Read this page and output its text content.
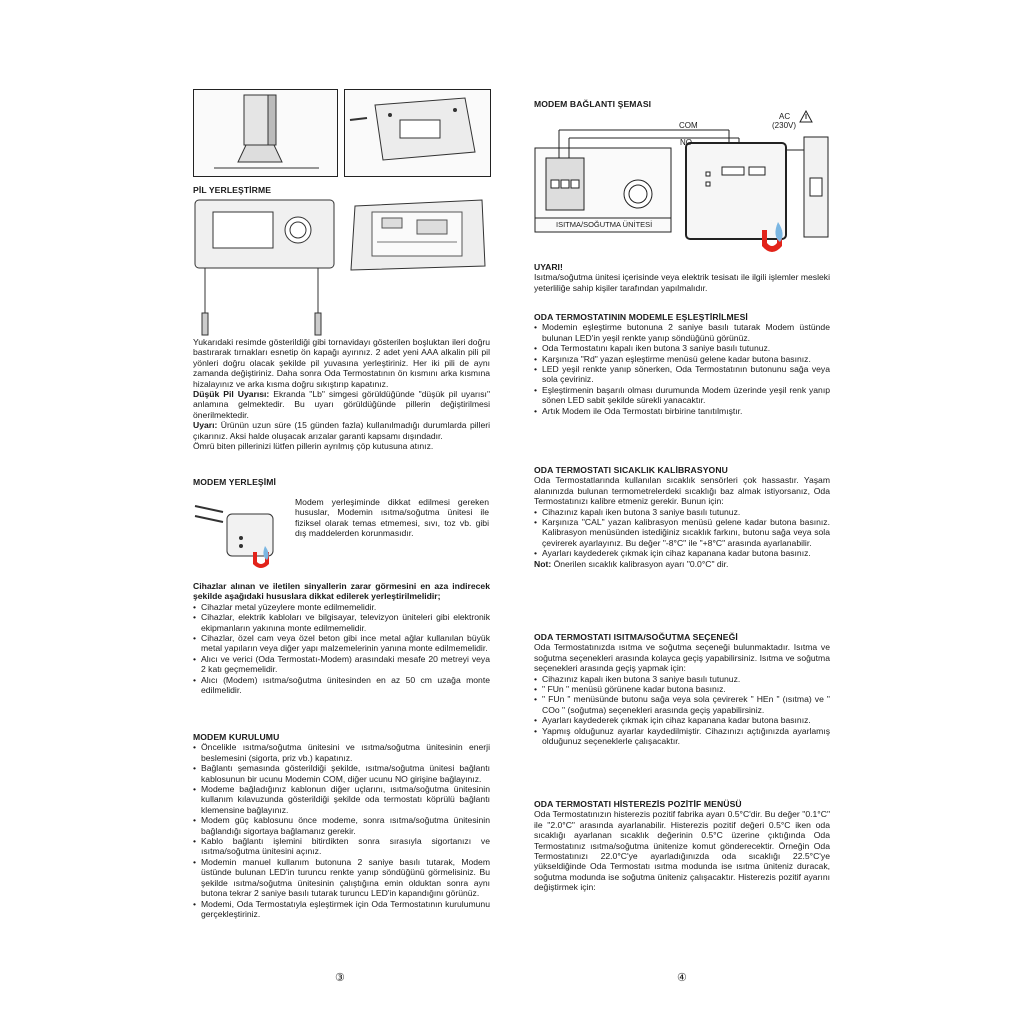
PİL YERLEŞTİRME

Yukarıdaki resimde gösterildiği gibi tornavidayı gösterilen boşluktan ileri doğru bastırarak tırnakları esnetip ön kapağı ayırınız. 2 adet yeni AAA alkalin pili pil yönleri doğru olacak şekilde pil yuvasına yerleştiriniz. Her iki pili de aynı zamanda değiştiriniz. Daha sonra Oda Termostatının ön kısmını arka kısmına hizalayınız ve arka kısma doğru sıkıştırıp kapatınız.

Düşük Pil Uyarısı: Ekranda "Lb" simgesi görüldüğünde "düşük pil uyarısı" anlamına gelmektedir. Bu uyarı görüldüğünde pillerin değiştirilmesi önerilmektedir.

Uyarı: Ürünün uzun süre (15 günden fazla) kullanılmadığı durumlarda pilleri çıkarınız. Aksi halde oluşacak arızalar garanti kapsamı dışındadır.

Ömrü biten pillerinizi lütfen pillerin ayrılmış çöp kutusuna atınız.

MODEM YERLEŞİMİ

Modem yerleşiminde dikkat edilmesi gereken hususlar, Modemin ısıtma/soğutma ünitesi ile fiziksel olarak temas etmemesi, sıvı, toz vb. gibi dış maddelerden korunmasıdır.

Cihazlar alınan ve iletilen sinyallerin zarar görmesini en aza indirecek şekilde aşağıdaki hususlara dikkat edilerek yerleştirilmelidir;

• Cihazlar metal yüzeylere monte edilmemelidir.
• Cihazlar, elektrik kabloları ve bilgisayar, televizyon üniteleri gibi elektronik ekipmanların yakınına monte edilmemelidir.
• Cihazlar, özel cam veya özel beton gibi ince metal ağlar kullanılan büyük metal yapıların veya diğer yapı malzemelerinin yanına monte edilmemelidir.
• Alıcı ve verici (Oda Termostatı-Modem) arasındaki mesafe 20 metreyi veya 2 katı geçmemelidir.
• Alıcı (Modem) ısıtma/soğutma ünitesinden en az 50 cm uzağa monte edilmelidir.
MODEM KURULUMU
• Öncelikle ısıtma/soğutma ünitesini ve ısıtma/soğutma ünitesinin enerji beslemesini (sigorta, priz vb.) kapatınız.
• Bağlantı şemasında gösterildiği şekilde, ısıtma/soğutma ünitesi bağlantı kablosunun bir ucunu Modemin COM, diğer ucunu NO girişine bağlayınız.
• Modeme bağladığınız kablonun diğer uçlarını, ısıtma/soğutma ünitesinin kullanım kılavuzunda gösterildiği şekilde oda termostatı köprülü bağlantı klemensine bağlayınız.
• Modem güç kablosunu önce modeme, sonra ısıtma/soğutma ünitesinin bağlandığı sigortaya bağlamanız gerekir.
• Kablo bağlantı işlemini bitirdikten sonra sırasıyla sigortanızı ve ısıtma/soğutma ünitesini açınız.
• Modemin manuel kullanım butonuna 2 saniye basılı tutarak, Modem üstünde bulunan LED'in turuncu renkte yanıp söndüğünü görmelisiniz. Bu şekilde ısıtma/soğutma ünitesinin çalıştığına emin olduktan sonra aynı butona tekrar 2 saniye basılı tutarak turuncu LED'in kapandığını görünüz.
• Modemi, Oda Termostatıyla eşleştirmek için Oda Termostatının kurulumunu gerçekleştiriniz.
③
MODEM BAĞLANTI ŞEMASI
COM
NO
AC
(230V)
ISITMA/SOĞUTMA ÜNİTESİ

UYARI!

Isıtma/soğutma ünitesi içerisinde veya elektrik tesisatı ile ilgili işlemler mesleki yeterliliğe sahip kişiler tarafından yapılmalıdır.

ODA TERMOSTATININ MODEMLE EŞLEŞTİRİLMESİ
• Modemin eşleştirme butonuna 2 saniye basılı tutarak Modem üstünde bulunan LED'in yeşil renkte yanıp söndüğünü görünüz.
• Oda Termostatını kapalı iken butona 3 saniye basılı tutunuz.
• Karşınıza "Rd" yazan eşleştirme menüsü gelene kadar butona basınız.
• LED yeşil renkte yanıp sönerken, Oda Termostatının butonunu sağa veya sola çeviriniz.
• Eşleştirmenin başarılı olması durumunda Modem üzerinde yeşil renk yanıp sönen LED sabit şekilde sürekli yanacaktır.
• Artık Modem ile Oda Termostatı birbirine tanıtılmıştır.
ODA TERMOSTATI SICAKLIK KALİBRASYONU

Oda Termostatlarında kullanılan sıcaklık sensörleri çok hassastır. Yaşam alanınızda bulunan termometrelerdeki sıcaklığı baz almak istiyorsanız, Oda Termostatınızı kalibre etmeniz gerekir. Bunun için:

• Cihazınız kapalı iken butona 3 saniye basılı tutunuz.
• Karşınıza "CAL" yazan kalibrasyon menüsü gelene kadar butona basınız. Kalibrasyon menüsünden istediğiniz sıcaklık farkını, butonu sağa veya sola çevirerek ayarlayınız. Bu değer "-8°C" ile "+8°C" arasında ayarlanabilir.
• Ayarları kaydederek çıkmak için cihaz kapanana kadar butona basınız.

Not: Önerilen sıcaklık kalibrasyon ayarı "0.0°C" dir.

ODA TERMOSTATI ISITMA/SOĞUTMA SEÇENEĞİ

Oda Termostatınızda ısıtma ve soğutma seçeneği bulunmaktadır. Isıtma ve soğutma seçenekleri arasında kolayca geçiş yapabilirsiniz. Isıtma ve soğutma seçenekleri arasında geçiş yapmak için:

• Cihazınız kapalı iken butona 3 saniye basılı tutunuz.
• " FUn " menüsü görünene kadar butona basınız.
• " FUn " menüsünde butonu sağa veya sola çevirerek " HEn " (ısıtma) ve " COo " (soğutma) seçenekleri arasında geçiş yapabilirsiniz.
• Ayarları kaydederek çıkmak için cihaz kapanana kadar butona basınız.
• Yapmış olduğunuz ayarlar kaydedilmiştir. Cihazınızı açtığınızda ayarlamış olduğunuz seçeneklerle çalışacaktır.
ODA TERMOSTATI HİSTEREZİS POZİTİF MENÜSÜ

Oda Termostatınızın histerezis pozitif fabrika ayarı 0.5°C'dir. Bu değer "0.1°C" ile "2.0°C" arasında ayarlanabilir. Histerezis pozitif değeri 0.5°C iken oda sıcaklığı ayarlanan sıcaklık değerinin 0.5°C üzerine çıktığında Oda Termostatınız ısıtma/soğutma ünitenize komut gönderecektir. Örneğin Oda Termostatınızı 22.0°C'ye ayarladığınızda oda sıcaklığı 22.5°C'ye yükseldiğinde Oda Termostatı ısıtma modunda ise ısıtma üniteniz duracak, soğutma modunda ise soğutma üniteniz çalışacaktır. Histerezis pozitif ayarını değiştirmek için:

④
